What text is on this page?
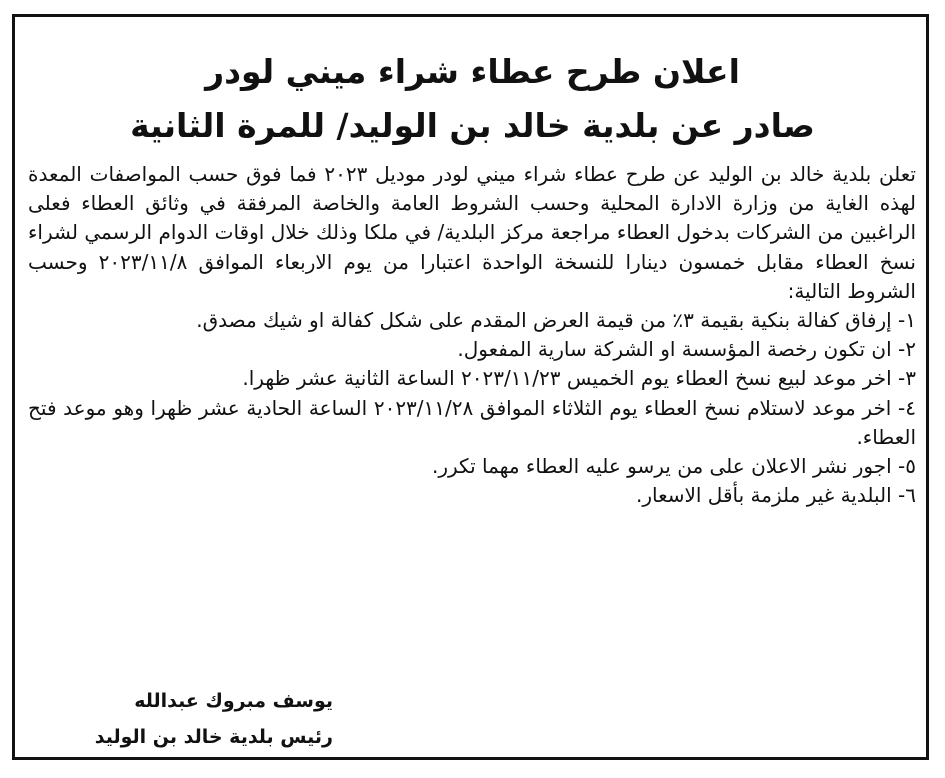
اعلان طرح عطاء شراء ميني لودر
صادر عن بلدية خالد بن الوليد/ للمرة الثانية

تعلن بلدية خالد بن الوليد عن طرح عطاء شراء ميني لودر موديل ٢٠٢٣ فما فوق حسب المواصفات المعدة لهذه الغاية من وزارة الادارة المحلية وحسب الشروط العامة والخاصة المرفقة في وثائق العطاء فعلى الراغبين من الشركات بدخول العطاء مراجعة مركز البلدية/ في ملكا وذلك خلال اوقات الدوام الرسمي لشراء نسخ العطاء مقابل خمسون دينارا للنسخة الواحدة اعتبارا من يوم الاربعاء الموافق ٢٠٢٣/١١/٨ وحسب الشروط التالية:

١- إرفاق كفالة بنكية بقيمة ٣٪ من قيمة العرض المقدم على شكل كفالة او شيك مصدق.
٢- ان تكون رخصة المؤسسة او الشركة سارية المفعول.
٣- اخر موعد لبيع نسخ العطاء يوم الخميس ٢٠٢٣/١١/٢٣ الساعة الثانية عشر ظهرا.
٤- اخر موعد لاستلام نسخ العطاء يوم الثلاثاء الموافق ٢٠٢٣/١١/٢٨ الساعة الحادية عشر ظهرا وهو موعد فتح العطاء.
٥- اجور نشر الاعلان على من يرسو عليه العطاء مهما تكرر.
٦- البلدية غير ملزمة بأقل الاسعار.
يوسف مبروك عبدالله
رئيس بلدية خالد بن الوليد
